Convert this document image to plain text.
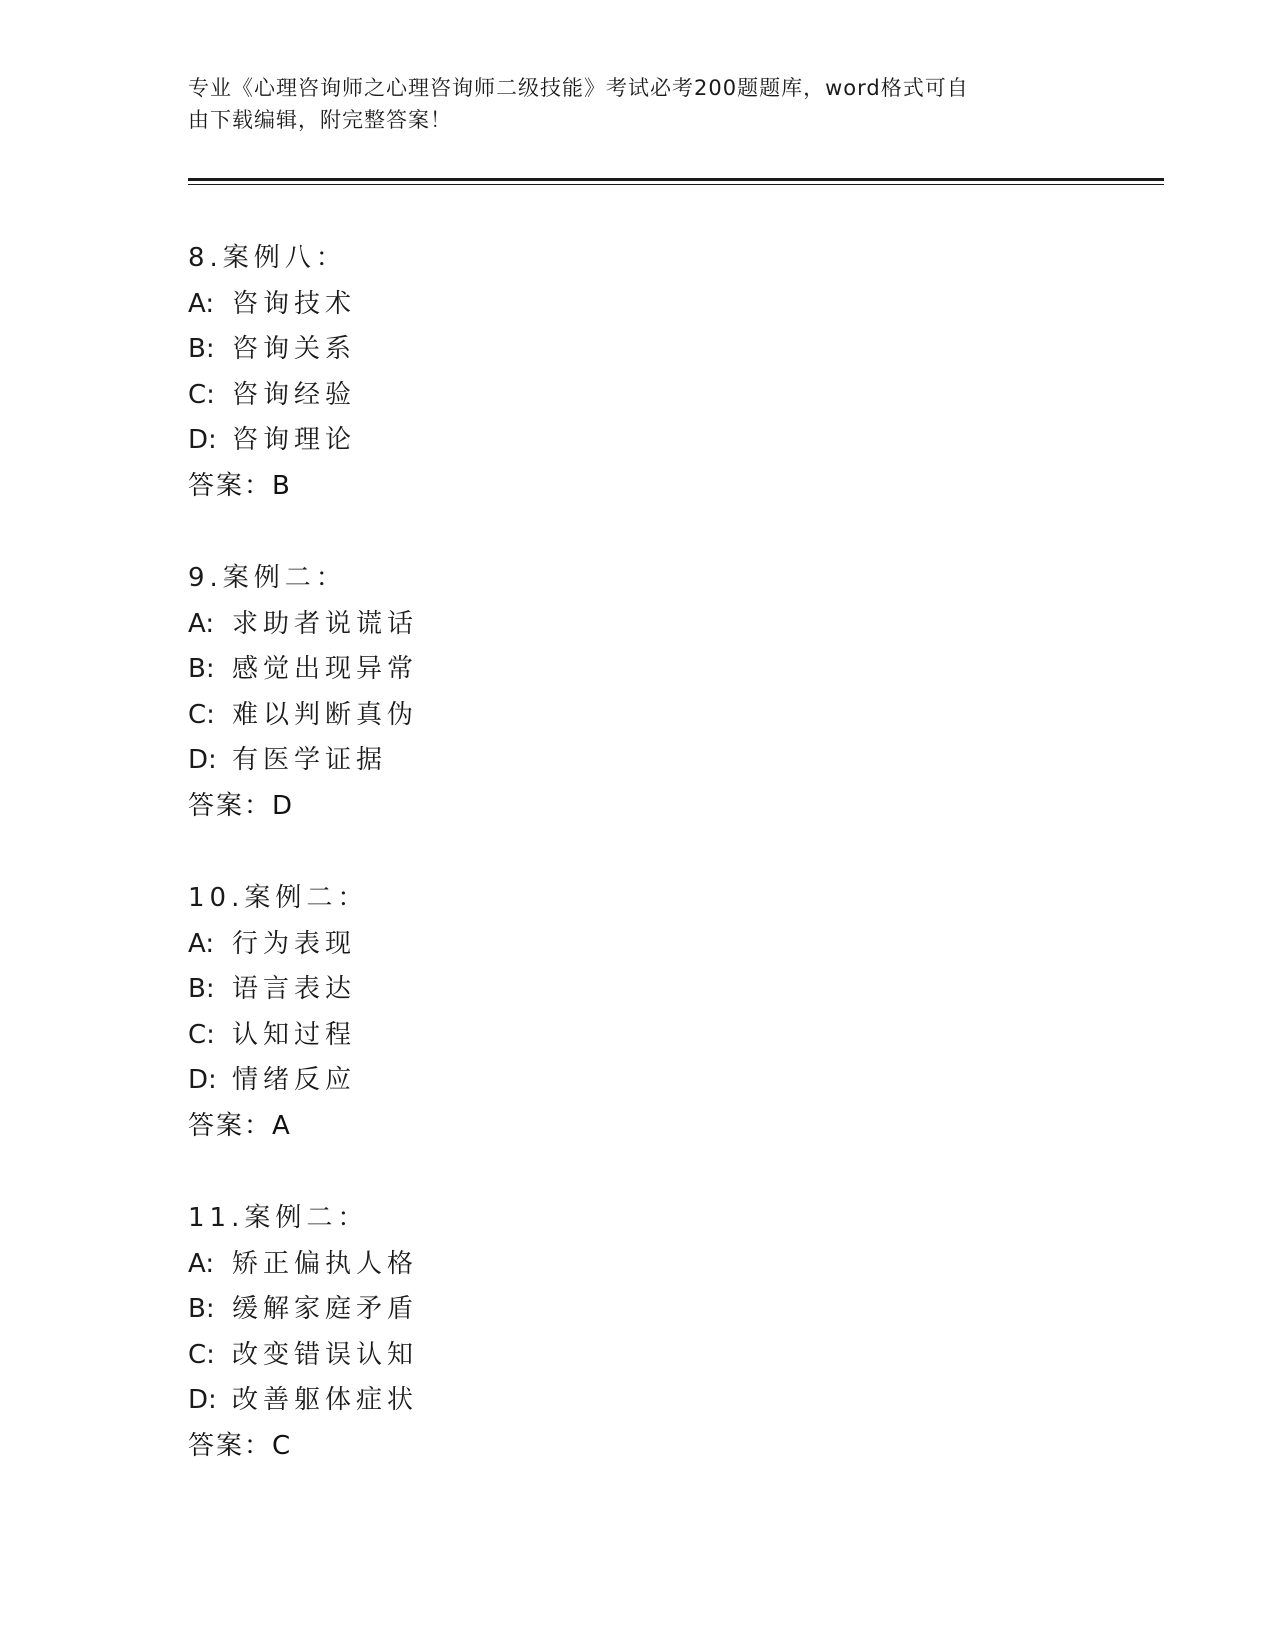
专业《心理咨询师之心理咨询师二级技能》考试必考200题题库，word格式可自

由下载编辑，附完整答案！

8.案例八：
A: 咨询技术
B: 咨询关系
C: 咨询经验
D: 咨询理论
答案：B
9.案例二：
A: 求助者说谎话
B: 感觉出现异常
C: 难以判断真伪
D: 有医学证据
答案：D
10.案例二：
A: 行为表现
B: 语言表达
C: 认知过程
D: 情绪反应
答案：A
11.案例二：
A: 矫正偏执人格
B: 缓解家庭矛盾
C: 改变错误认知
D: 改善躯体症状
答案：C
